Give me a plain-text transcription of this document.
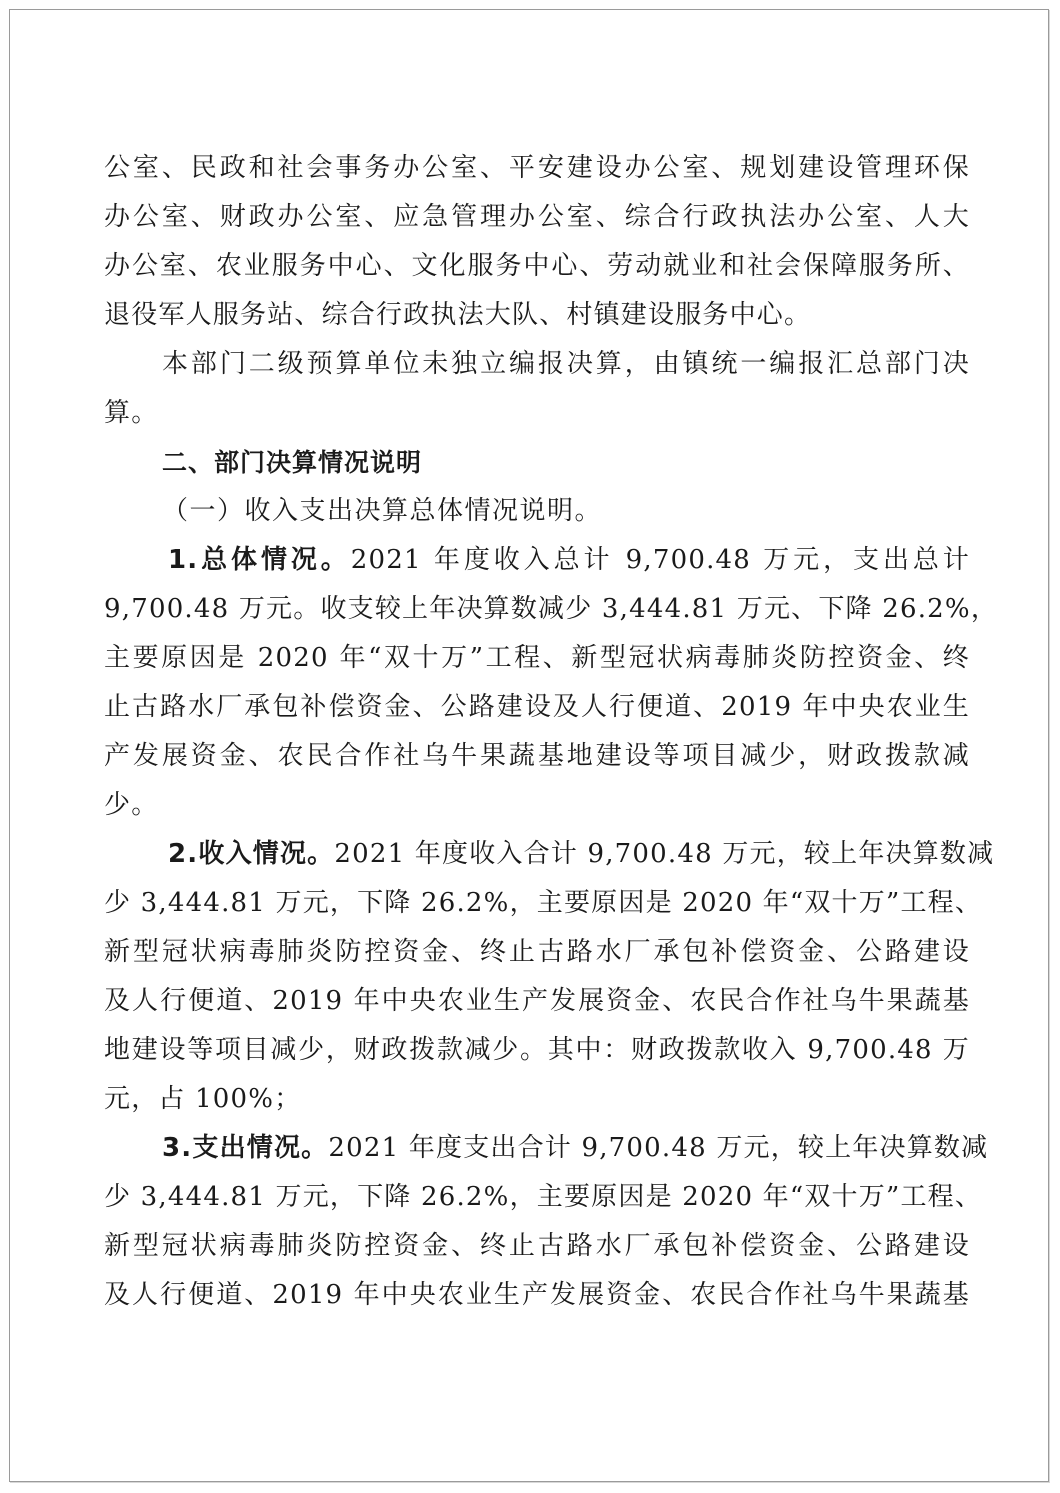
公室、民政和社会事务办公室、平安建设办公室、规划建设管理环保
办公室、财政办公室、应急管理办公室、综合行政执法办公室、人大
办公室、农业服务中心、文化服务中心、劳动就业和社会保障服务所、
退役军人服务站、综合行政执法大队、村镇建设服务中心。

本部门二级预算单位未独立编报决算，由镇统一编报汇总部门决
算。

二、部门决算情况说明

（一）收入支出决算总体情况说明。

1.总体情况。2021 年度收入总计 9,700.48 万元，支出总计
9,700.48 万元。收支较上年决算数减少 3,444.81 万元、下降 26.2%，
主要原因是 2020 年“双十万”工程、新型冠状病毒肺炎防控资金、终
止古路水厂承包补偿资金、公路建设及人行便道、2019 年中央农业生
产发展资金、农民合作社乌牛果蔬基地建设等项目减少，财政拨款减
少。

2.收入情况。2021 年度收入合计 9,700.48 万元，较上年决算数减
少 3,444.81 万元，下降 26.2%，主要原因是 2020 年“双十万”工程、
新型冠状病毒肺炎防控资金、终止古路水厂承包补偿资金、公路建设
及人行便道、2019 年中央农业生产发展资金、农民合作社乌牛果蔬基
地建设等项目减少，财政拨款减少。其中：财政拨款收入 9,700.48 万
元，占 100%；

3.支出情况。2021 年度支出合计 9,700.48 万元，较上年决算数减
少 3,444.81 万元，下降 26.2%，主要原因是 2020 年“双十万”工程、
新型冠状病毒肺炎防控资金、终止古路水厂承包补偿资金、公路建设
及人行便道、2019 年中央农业生产发展资金、农民合作社乌牛果蔬基
